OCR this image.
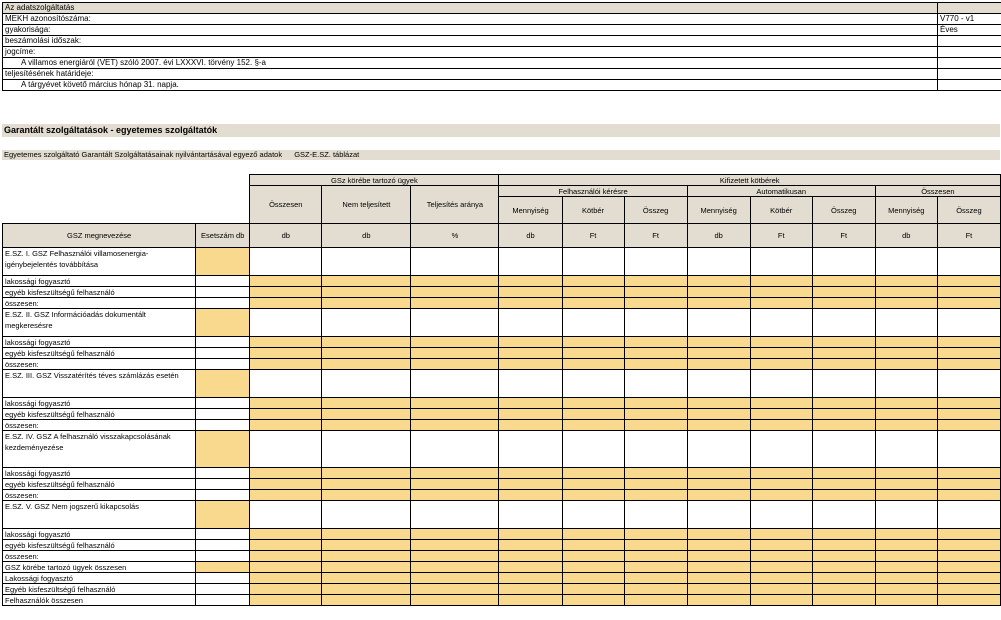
Az adatszolgáltatás	
MEKH azonosítószáma:	V770 - v1
gyakorisága:	Éves
beszámolási időszak:	
jogcíme:	
A villamos energiáról (VET) szóló 2007. évi LXXXVI. törvény 152. §-a	
teljesítésének határideje:	
A tárgyévet követő március hónap 31. napja.	
Garantált szolgáltatások - egyetemes szolgáltatók
Egyetemes szolgáltató Garantált Szolgáltatásainak nyilvántartásával egyező adatok GSZ-E.SZ. táblázat
		GSz körébe tartozó ügyek			Kifizetett kötbérek							
		Összesen	Nem teljesített	Teljesítés aránya	Felhasználói kérésre			Automatikusan			Összesen	
					Mennyiség	Kötbér	Összeg	Mennyiség	Kötbér	Összeg	Mennyiség	Összeg
GSZ megnevezése	Esetszám db	db	db	%	db	Ft	Ft	db	Ft	Ft	db	Ft
E.SZ. I. GSZ Felhasználói villamosenergia-igénybejelentés továbbítása												
lakossági fogyasztó												
egyéb kisfeszültségű felhasználó												
összesen:												
E.SZ. II. GSZ Információadás dokumentált megkeresésre												
lakossági fogyasztó												
egyéb kisfeszültségű felhasználó												
összesen:												
E.SZ. III. GSZ Visszatérítés téves számlázás esetén												
lakossági fogyasztó												
egyéb kisfeszültségű felhasználó												
összesen:												
E.SZ. IV. GSZ A felhasználó visszakapcsolásának kezdeményezése												
lakossági fogyasztó												
egyéb kisfeszültségű felhasználó												
összesen:												
E.SZ. V. GSZ Nem jogszerű kikapcsolás												
lakossági fogyasztó												
egyéb kisfeszültségű felhasználó												
összesen:												
GSZ körébe tartozó ügyek összesen												
Lakossági fogyasztó												
Egyéb kisfeszültségű felhasználó												
Felhasználók összesen												
